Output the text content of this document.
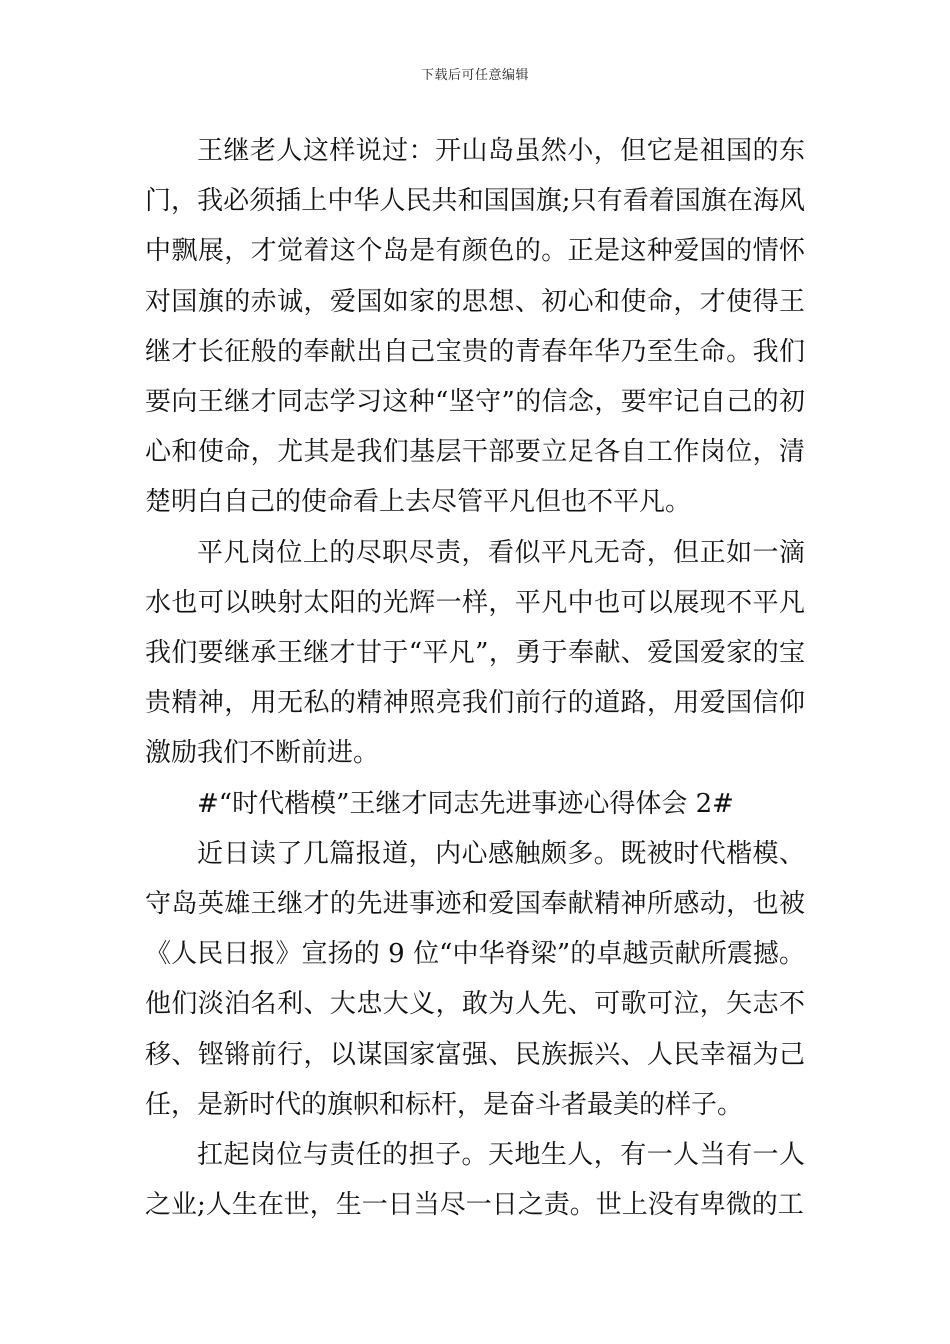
下载后可任意编辑

王继老人这样说过：开山岛虽然小，但它是祖国的东门，我必须插上中华人民共和国国旗;只有看着国旗在海风中飘展，才觉着这个岛是有颜色的。正是这种爱国的情怀对国旗的赤诚，爱国如家的思想、初心和使命，才使得王继才长征般的奉献出自己宝贵的青春年华乃至生命。我们要向王继才同志学习这种“坚守”的信念，要牢记自己的初心和使命，尤其是我们基层干部要立足各自工作岗位，清楚明白自己的使命看上去尽管平凡但也不平凡。

平凡岗位上的尽职尽责，看似平凡无奇，但正如一滴水也可以映射太阳的光辉一样，平凡中也可以展现不平凡我们要继承王继才甘于“平凡”，勇于奉献、爱国爱家的宝贵精神，用无私的精神照亮我们前行的道路，用爱国信仰激励我们不断前进。

#“时代楷模”王继才同志先进事迹心得体会 2#

近日读了几篇报道，内心感触颇多。既被时代楷模、守岛英雄王继才的先进事迹和爱国奉献精神所感动，也被《人民日报》宣扬的 9 位“中华脊梁”的卓越贡献所震撼。他们淡泊名利、大忠大义，敢为人先、可歌可泣，矢志不移、铿锵前行，以谋国家富强、民族振兴、人民幸福为己任，是新时代的旗帜和标杆，是奋斗者最美的样子。

扛起岗位与责任的担子。天地生人，有一人当有一人之业;人生在世，生一日当尽一日之责。世上没有卑微的工
